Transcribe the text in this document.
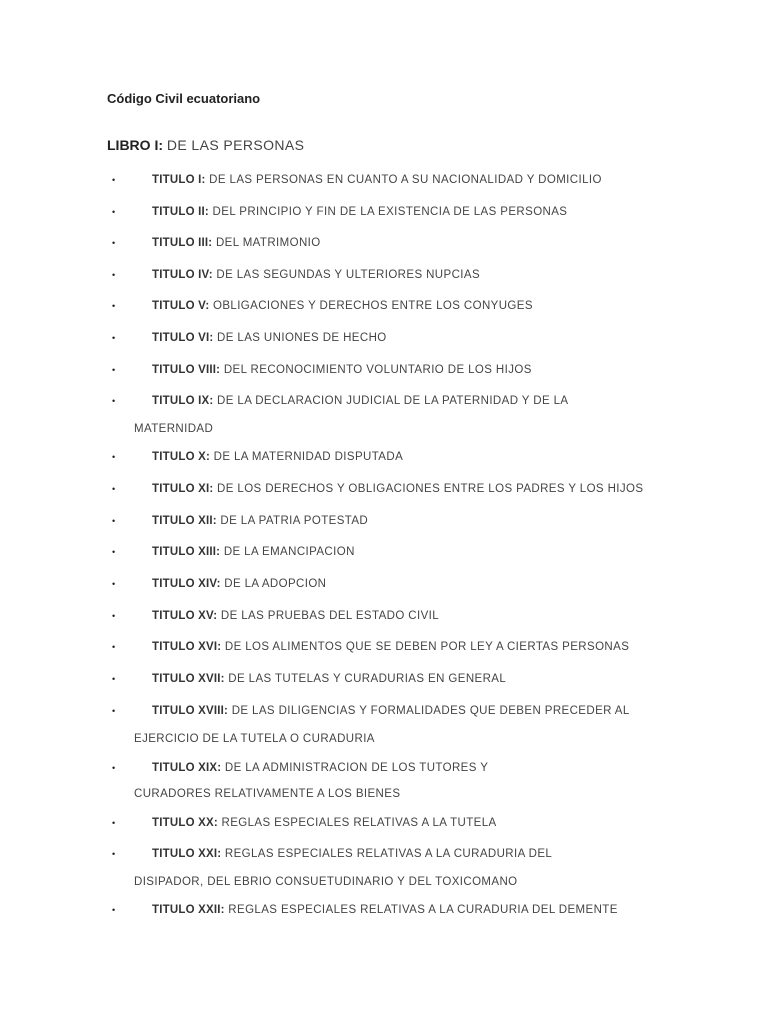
Código Civil ecuatoriano
LIBRO I: DE LAS PERSONAS
•	TITULO I: DE LAS PERSONAS EN CUANTO A SU NACIONALIDAD Y DOMICILIO
•	TITULO II: DEL PRINCIPIO Y FIN DE LA EXISTENCIA DE LAS PERSONAS
•	TITULO III: DEL MATRIMONIO
•	TITULO IV: DE LAS SEGUNDAS Y ULTERIORES NUPCIAS
•	TITULO V: OBLIGACIONES Y DERECHOS ENTRE LOS CONYUGES
•	TITULO VI: DE LAS UNIONES DE HECHO
•	TITULO VIII: DEL RECONOCIMIENTO VOLUNTARIO DE LOS HIJOS
•	TITULO IX: DE LA DECLARACION JUDICIAL DE LA PATERNIDAD Y DE LA
MATERNIDAD
•	TITULO X: DE LA MATERNIDAD DISPUTADA
•	TITULO XI: DE LOS DERECHOS Y OBLIGACIONES ENTRE LOS PADRES Y LOS HIJOS
•	TITULO XII: DE LA PATRIA POTESTAD
•	TITULO XIII: DE LA EMANCIPACION
•	TITULO XIV: DE LA ADOPCION
•	TITULO XV: DE LAS PRUEBAS DEL ESTADO CIVIL
•	TITULO XVI: DE LOS ALIMENTOS QUE SE DEBEN POR LEY A CIERTAS PERSONAS
•	TITULO XVII: DE LAS TUTELAS Y CURADURIAS EN GENERAL
•	TITULO XVIII: DE LAS DILIGENCIAS Y FORMALIDADES QUE DEBEN PRECEDER AL
EJERCICIO DE LA TUTELA O CURADURIA
•	TITULO XIX: DE LA ADMINISTRACION DE LOS TUTORES Y
CURADORES RELATIVAMENTE A LOS BIENES
•	TITULO XX: REGLAS ESPECIALES RELATIVAS A LA TUTELA
•	TITULO XXI: REGLAS ESPECIALES RELATIVAS A LA CURADURIA DEL
DISIPADOR, DEL EBRIO CONSUETUDINARIO Y DEL TOXICOMANO
•	TITULO XXII: REGLAS ESPECIALES RELATIVAS A LA CURADURIA DEL DEMENTE
